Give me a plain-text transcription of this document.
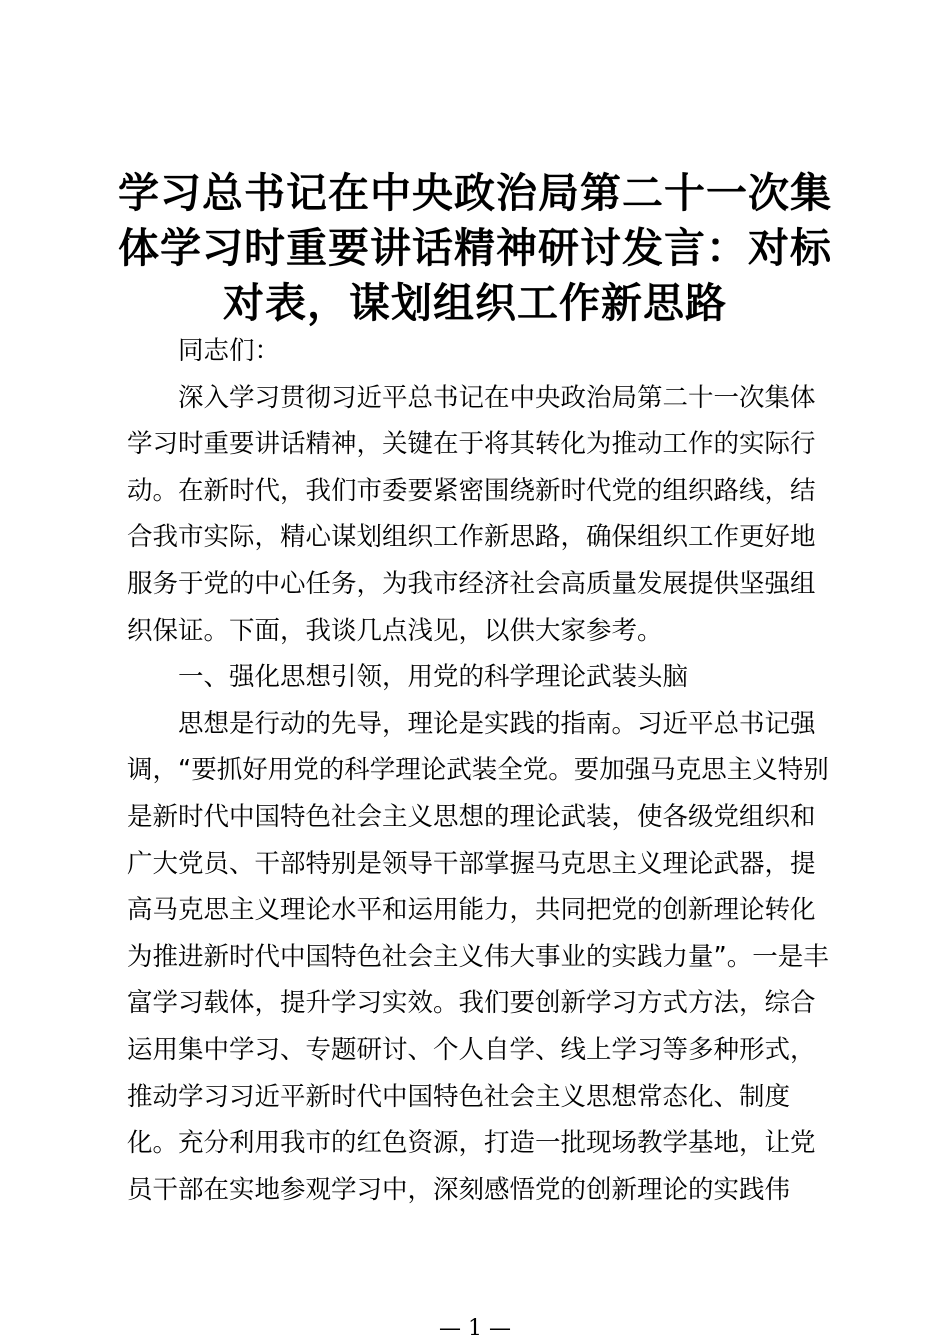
学习总书记在中央政治局第二十一次集
体学习时重要讲话精神研讨发言：对标
对表，谋划组织工作新思路

同志们：

深入学习贯彻习近平总书记在中央政治局第二十一次集体
学习时重要讲话精神，关键在于将其转化为推动工作的实际行
动。在新时代，我们市委要紧密围绕新时代党的组织路线，结
合我市实际，精心谋划组织工作新思路，确保组织工作更好地
服务于党的中心任务，为我市经济社会高质量发展提供坚强组
织保证。下面，我谈几点浅见，以供大家参考。

一、强化思想引领，用党的科学理论武装头脑

思想是行动的先导，理论是实践的指南。习近平总书记强
调，“要抓好用党的科学理论武装全党。要加强马克思主义特别
是新时代中国特色社会主义思想的理论武装，使各级党组织和
广大党员、干部特别是领导干部掌握马克思主义理论武器，提
高马克思主义理论水平和运用能力，共同把党的创新理论转化
为推进新时代中国特色社会主义伟大事业的实践力量”。一是丰
富学习载体，提升学习实效。我们要创新学习方式方法，综合
运用集中学习、专题研讨、个人自学、线上学习等多种形式，
推动学习习近平新时代中国特色社会主义思想常态化、制度
化。充分利用我市的红色资源，打造一批现场教学基地，让党
员干部在实地参观学习中，深刻感悟党的创新理论的实践伟

— 1 —
